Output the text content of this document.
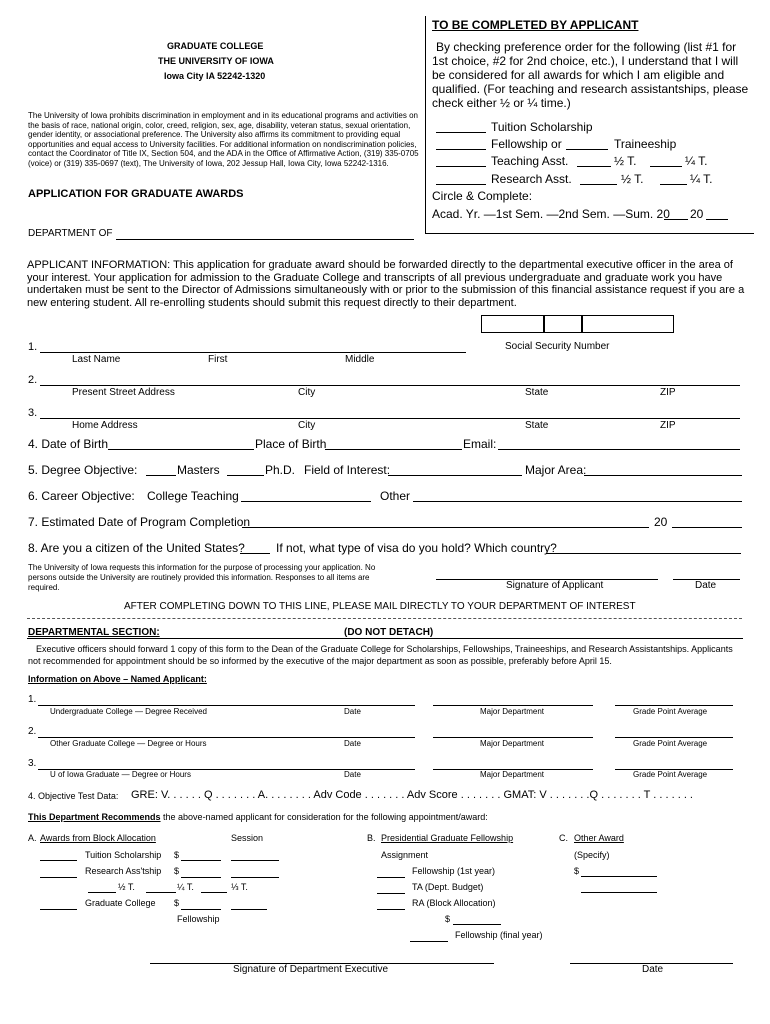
GRADUATE COLLEGE
THE UNIVERSITY OF IOWA
Iowa City IA 52242-1320
The University of Iowa prohibits discrimination in employment and in its educational programs and activities on the basis of race, national origin, color, creed, religion, sex, age, disability, veteran status, sexual orientation, gender identity, or associational preference. The University also affirms its commitment to providing equal opportunities and equal access to University facilities. For additional information on nondiscrimination policies, contact the Coordinator of Title IX, Section 504, and the ADA in the Office of Affirmative Action, (319) 335-0705 (voice) or (319) 335-0697 (text), The University of Iowa, 202 Jessup Hall, Iowa City, Iowa 52242-1316.
APPLICATION FOR GRADUATE AWARDS
DEPARTMENT OF
TO BE COMPLETED BY APPLICANT
By checking preference order for the following (list #1 for 1st choice, #2 for 2nd choice, etc.), I understand that I will be considered for all awards for which I am eligible and qualified. (For teaching and research assistantships, please check either ½ or ¼ time.)
Tuition Scholarship
Fellowship or	Traineeship
Teaching Asst.	½ T.	¼ T.
Research Asst.	½ T.	¼ T.
Circle & Complete:
Acad. Yr. —1st Sem. —2nd Sem. —Sum. 20 20
APPLICANT INFORMATION: This application for graduate award should be forwarded directly to the departmental executive officer in the area of your interest. Your application for admission to the Graduate College and transcripts of all previous undergraduate and graduate work you have undertaken must be sent to the Director of Admissions simultaneously with or prior to the submission of this financial assistance request if you are a new entering student. All re-enrolling students should submit this request directly to their department.
Social Security Number
1.
Last Name	First	Middle
2.
Present Street Address	City	State	ZIP
3.
Home Address	City	State	ZIP
4. Date of Birth	Place of Birth	Email:
5. Degree Objective:	Masters	Ph.D. Field of Interest:	Major Area:
6. Career Objective: College Teaching	Other
7. Estimated Date of Program Completion	20
8. Are you a citizen of the United States?	If not, what type of visa do you hold? Which country?
The University of Iowa requests this information for the purpose of processing your application. No persons outside the University are routinely provided this information. Responses to all items are required.	Signature of Applicant	Date
AFTER COMPLETING DOWN TO THIS LINE, PLEASE MAIL DIRECTLY TO YOUR DEPARTMENT OF INTEREST
DEPARTMENTAL SECTION:	(DO NOT DETACH)
Executive officers should forward 1 copy of this form to the Dean of the Graduate College for Scholarships, Fellowships, Traineeships, and Research Assistantships. Applicants not recommended for appointment should be so informed by the executive of the major department as soon as possible, preferably before April 15.
Information on Above – Named Applicant:
1.
Undergraduate College — Degree Received	Date	Major Department	Grade Point Average
2.
Other Graduate College — Degree or Hours	Date	Major Department	Grade Point Average
3.
U of Iowa Graduate — Degree or Hours	Date	Major Department	Grade Point Average
4. Objective Test Data: GRE: V. . . . . . Q . . . . . . . A. . . . . . . . Adv Code . . . . . . . Adv Score . . . . . . . GMAT: V . . . . . . .Q . . . . . . . T . . . . . . .
This Department Recommends the above-named applicant for consideration for the following appointment/award:
A. Awards from Block Allocation	Session
Tuition Scholarship $
Research Ass'tship $
½ T.	¼ T.	⅓ T.
Graduate College $
Fellowship
B. Presidential Graduate Fellowship
Assignment
Fellowship (1st year)
TA (Dept. Budget)
RA (Block Allocation)
$
Fellowship (final year)
C. Other Award
(Specify)
$
Signature of Department Executive	Date
